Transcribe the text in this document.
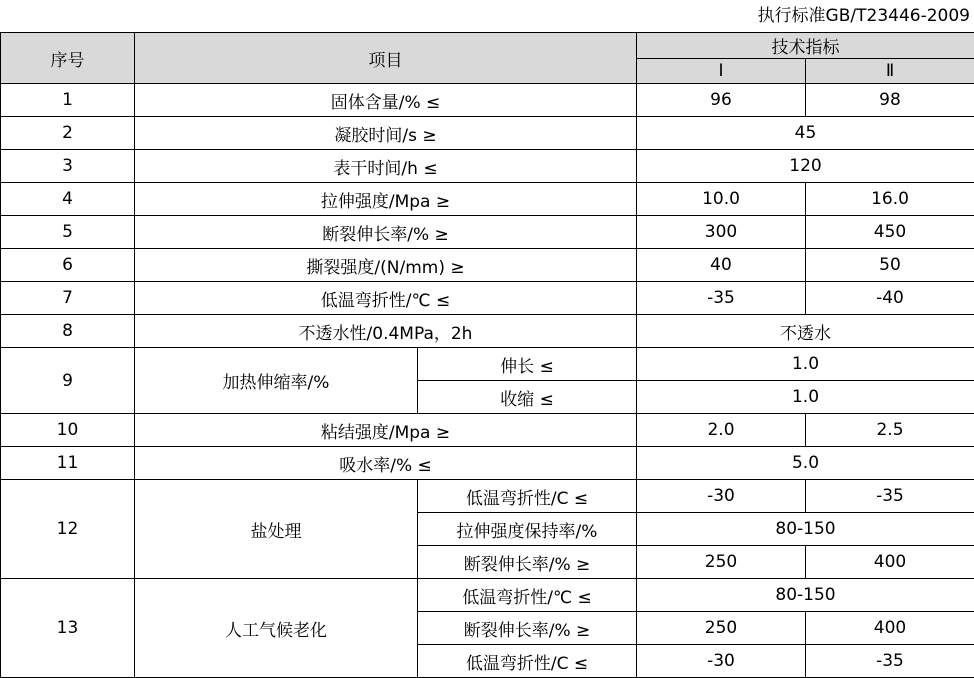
执行标准GB/T23446-2009
序号	项目		技术指标	
			Ⅰ	Ⅱ
1	固体含量/% ≤		96	98
2	凝胶时间/s ≥		45	
3	表干时间/h ≤		120	
4	拉伸强度/Mpa ≥		10.0	16.0
5	断裂伸长率/% ≥		300	450
6	撕裂强度/(N/mm) ≥		40	50
7	低温弯折性/℃ ≤		-35	-40
8	不透水性/0.4MPa，2h		不透水	
9	加热伸缩率/%	伸长 ≤	1.0	
		收缩 ≤	1.0	
10	粘结强度/Mpa ≥		2.0	2.5
11	吸水率/% ≤		5.0	
12	盐处理	低温弯折性/C ≤	-30	-35
		拉伸强度保持率/%	80-150	
		断裂伸长率/% ≥	250	400
13	人工气候老化	低温弯折性/℃ ≤	80-150	
		断裂伸长率/% ≥	250	400
		低温弯折性/C ≤	-30	-35
